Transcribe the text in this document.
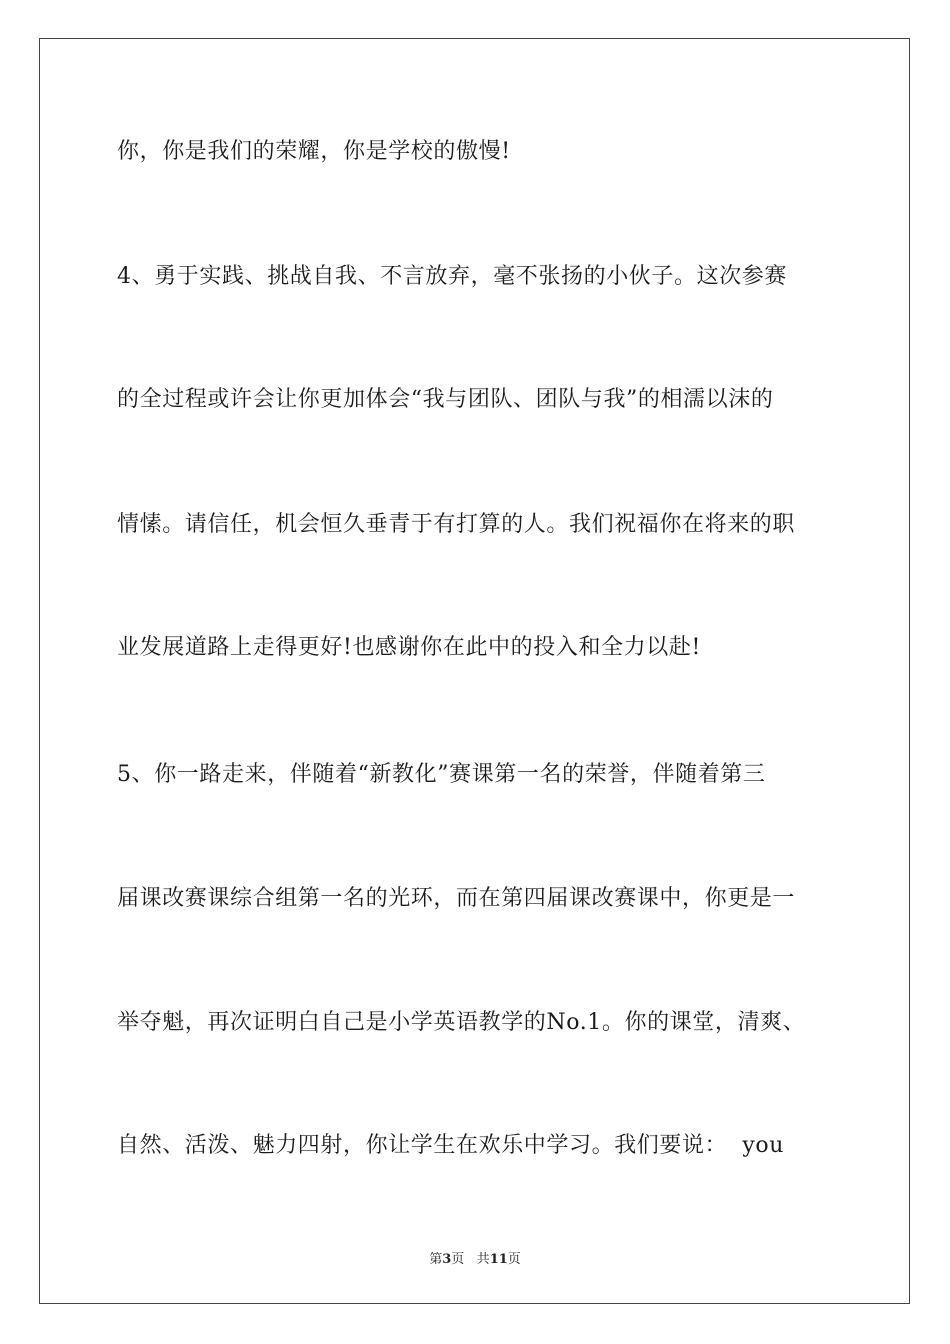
你，你是我们的荣耀，你是学校的傲慢!

4、勇于实践、挑战自我、不言放弃，毫不张扬的小伙子。这次参赛

的全过程或许会让你更加体会“我与团队、团队与我”的相濡以沫的

情愫。请信任，机会恒久垂青于有打算的人。我们祝福你在将来的职

业发展道路上走得更好!也感谢你在此中的投入和全力以赴!

5、你一路走来，伴随着“新教化”赛课第一名的荣誉，伴随着第三

届课改赛课综合组第一名的光环，而在第四届课改赛课中，你更是一

举夺魁，再次证明白自己是小学英语教学的No.1。你的课堂，清爽、

自然、活泼、魅力四射，你让学生在欢乐中学习。我们要说：  you

第3页 共11页
